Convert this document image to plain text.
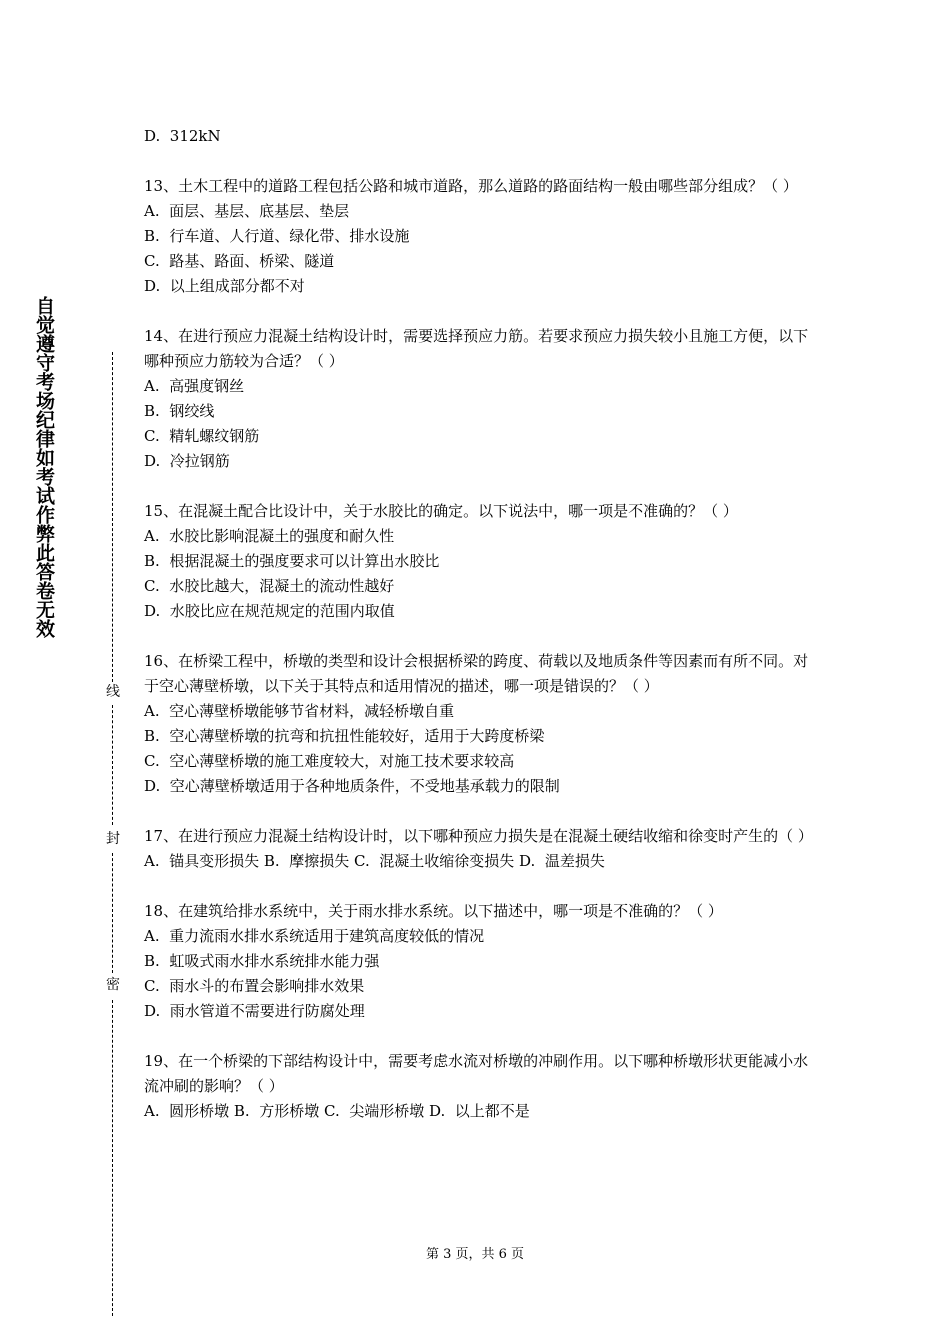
自觉遵守考场纪律如考试作弊此答卷无效
线
封
密

D.  312kN

13、土木工程中的道路工程包括公路和城市道路，那么道路的路面结构一般由哪些部分组成？（ ）

A.  面层、基层、底基层、垫层

B.  行车道、人行道、绿化带、排水设施

C.  路基、路面、桥梁、隧道

D.  以上组成部分都不对

14、在进行预应力混凝土结构设计时，需要选择预应力筋。若要求预应力损失较小且施工方便，以下哪种预应力筋较为合适？（ ）

A.  高强度钢丝

B.  钢绞线

C.  精轧螺纹钢筋

D.  冷拉钢筋

15、在混凝土配合比设计中，关于水胶比的确定。以下说法中，哪一项是不准确的？（ ）

A.  水胶比影响混凝土的强度和耐久性

B.  根据混凝土的强度要求可以计算出水胶比

C.  水胶比越大，混凝土的流动性越好

D.  水胶比应在规范规定的范围内取值

16、在桥梁工程中，桥墩的类型和设计会根据桥梁的跨度、荷载以及地质条件等因素而有所不同。对于空心薄壁桥墩，以下关于其特点和适用情况的描述，哪一项是错误的？（ ）

A.  空心薄壁桥墩能够节省材料，减轻桥墩自重

B.  空心薄壁桥墩的抗弯和抗扭性能较好，适用于大跨度桥梁

C.  空心薄壁桥墩的施工难度较大，对施工技术要求较高

D.  空心薄壁桥墩适用于各种地质条件，不受地基承载力的限制

17、在进行预应力混凝土结构设计时，以下哪种预应力损失是在混凝土硬结收缩和徐变时产生的（ ）

A.  锚具变形损失 B.  摩擦损失 C.  混凝土收缩徐变损失 D.  温差损失

18、在建筑给排水系统中，关于雨水排水系统。以下描述中，哪一项是不准确的？（ ）

A.  重力流雨水排水系统适用于建筑高度较低的情况

B.  虹吸式雨水排水系统排水能力强

C.  雨水斗的布置会影响排水效果

D.  雨水管道不需要进行防腐处理

19、在一个桥梁的下部结构设计中，需要考虑水流对桥墩的冲刷作用。以下哪种桥墩形状更能减小水流冲刷的影响？（ ）

A.  圆形桥墩 B.  方形桥墩 C.  尖端形桥墩 D.  以上都不是

第 3 页，共 6 页
